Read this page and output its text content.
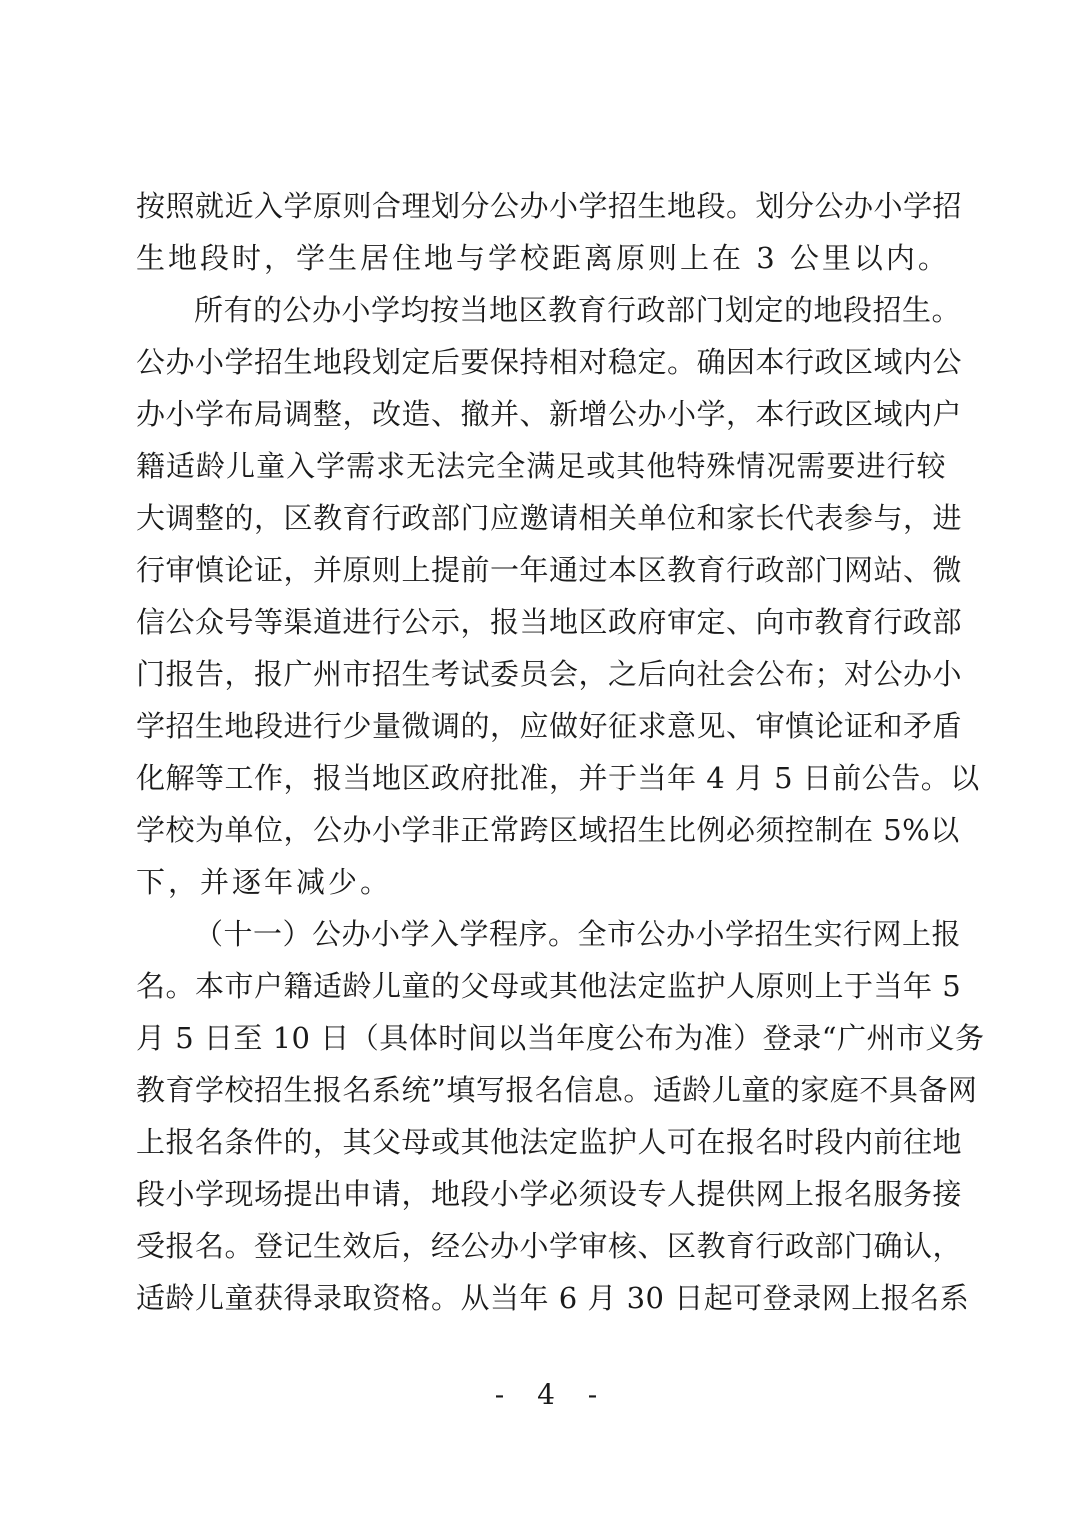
按照就近入学原则合理划分公办小学招生地段。划分公办小学招
生地段时，学生居住地与学校距离原则上在 3 公里以内。
所有的公办小学均按当地区教育行政部门划定的地段招生。
公办小学招生地段划定后要保持相对稳定。确因本行政区域内公
办小学布局调整，改造、撤并、新增公办小学，本行政区域内户
籍适龄儿童入学需求无法完全满足或其他特殊情况需要进行较
大调整的，区教育行政部门应邀请相关单位和家长代表参与，进
行审慎论证，并原则上提前一年通过本区教育行政部门网站、微
信公众号等渠道进行公示，报当地区政府审定、向市教育行政部
门报告，报广州市招生考试委员会，之后向社会公布；对公办小
学招生地段进行少量微调的，应做好征求意见、审慎论证和矛盾
化解等工作，报当地区政府批准，并于当年 4 月 5 日前公告。以
学校为单位，公办小学非正常跨区域招生比例必须控制在 5%以
下，并逐年减少。
（十一）公办小学入学程序。全市公办小学招生实行网上报
名。本市户籍适龄儿童的父母或其他法定监护人原则上于当年 5
月 5 日至 10 日（具体时间以当年度公布为准）登录“广州市义务
教育学校招生报名系统”填写报名信息。适龄儿童的家庭不具备网
上报名条件的，其父母或其他法定监护人可在报名时段内前往地
段小学现场提出申请，地段小学必须设专人提供网上报名服务接
受报名。登记生效后，经公办小学审核、区教育行政部门确认，
适龄儿童获得录取资格。从当年 6 月 30 日起可登录网上报名系
- 4 -
